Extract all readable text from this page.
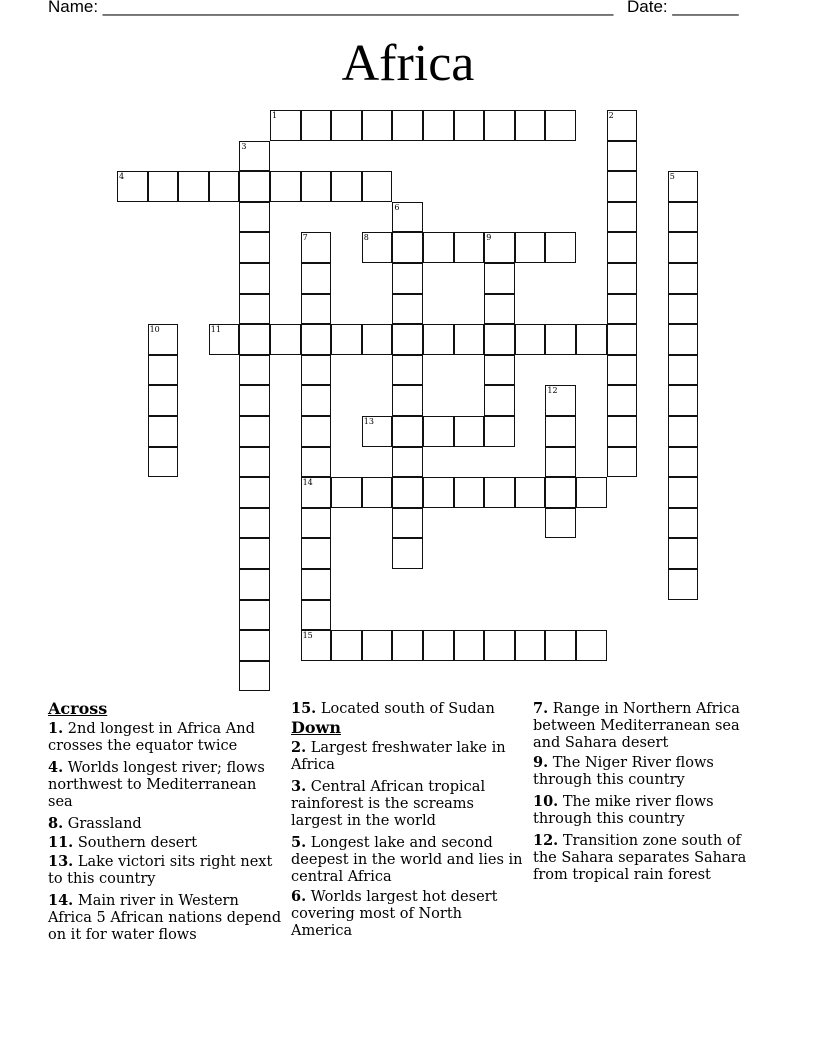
Name: ______________________________________________________ Date: _______
Africa
1	2
3
4	5
6
7
14
15
8	9
10	11
12
13
Across
1. 2nd longest in Africa And crosses the equator twice
4. Worlds longest river; flows northwest to Mediterranean sea
8. Grassland
11. Southern desert
13. Lake victori sits right next to this country
14. Main river in Western Africa 5 African nations depend on it for water flows
15. Located south of Sudan
Down
2. Largest freshwater lake in Africa
3. Central African tropical rainforest is the screams largest in the world
5. Longest lake and second deepest in the world and lies in central Africa
6. Worlds largest hot desert covering most of North America
7. Range in Northern Africa between Mediterranean sea and Sahara desert
9. The Niger River flows through this country
10. The mike river flows through this country
12. Transition zone south of the Sahara separates Sahara from tropical rain forest
